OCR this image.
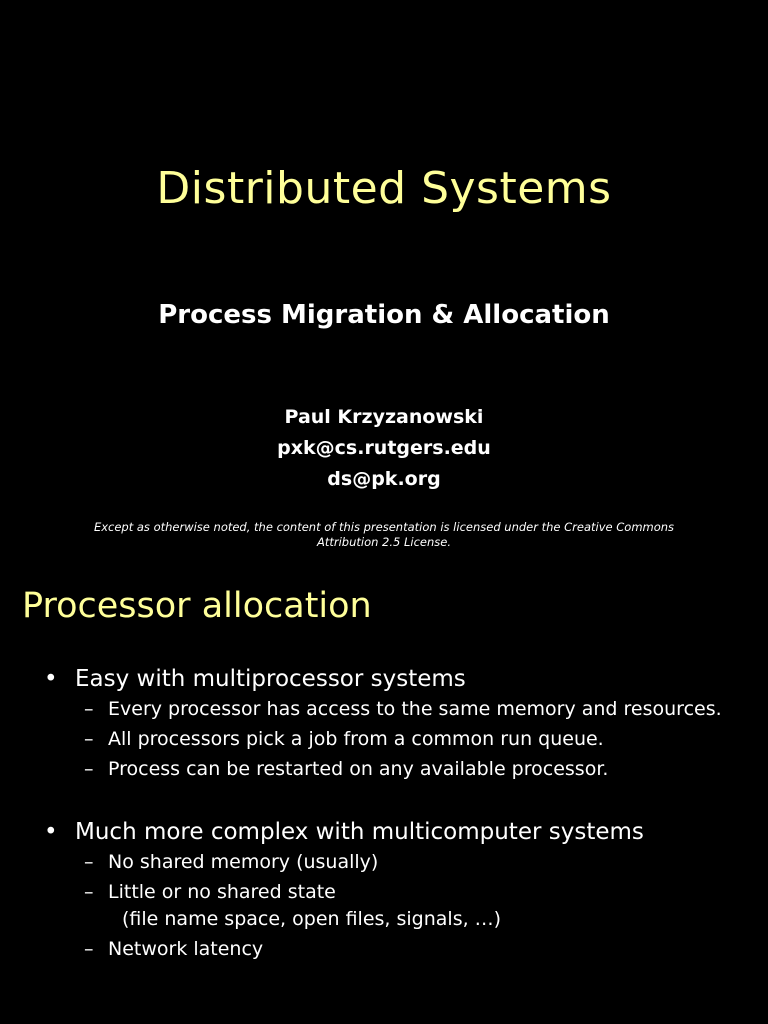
Distributed Systems
Process Migration & Allocation
Paul Krzyzanowski
pxk@cs.rutgers.edu
ds@pk.org
Except as otherwise noted, the content of this presentation is licensed under the Creative Commons
Attribution 2.5 License.
Processor allocation

• Easy with multiprocessor systems

– Every processor has access to the same memory and resources.
– All processors pick a job from a common run queue.
– Process can be restarted on any available processor.

• Much more complex with multicomputer systems

– No shared memory (usually)
– Little or no shared state
(file name space, open files, signals, …)
– Network latency
